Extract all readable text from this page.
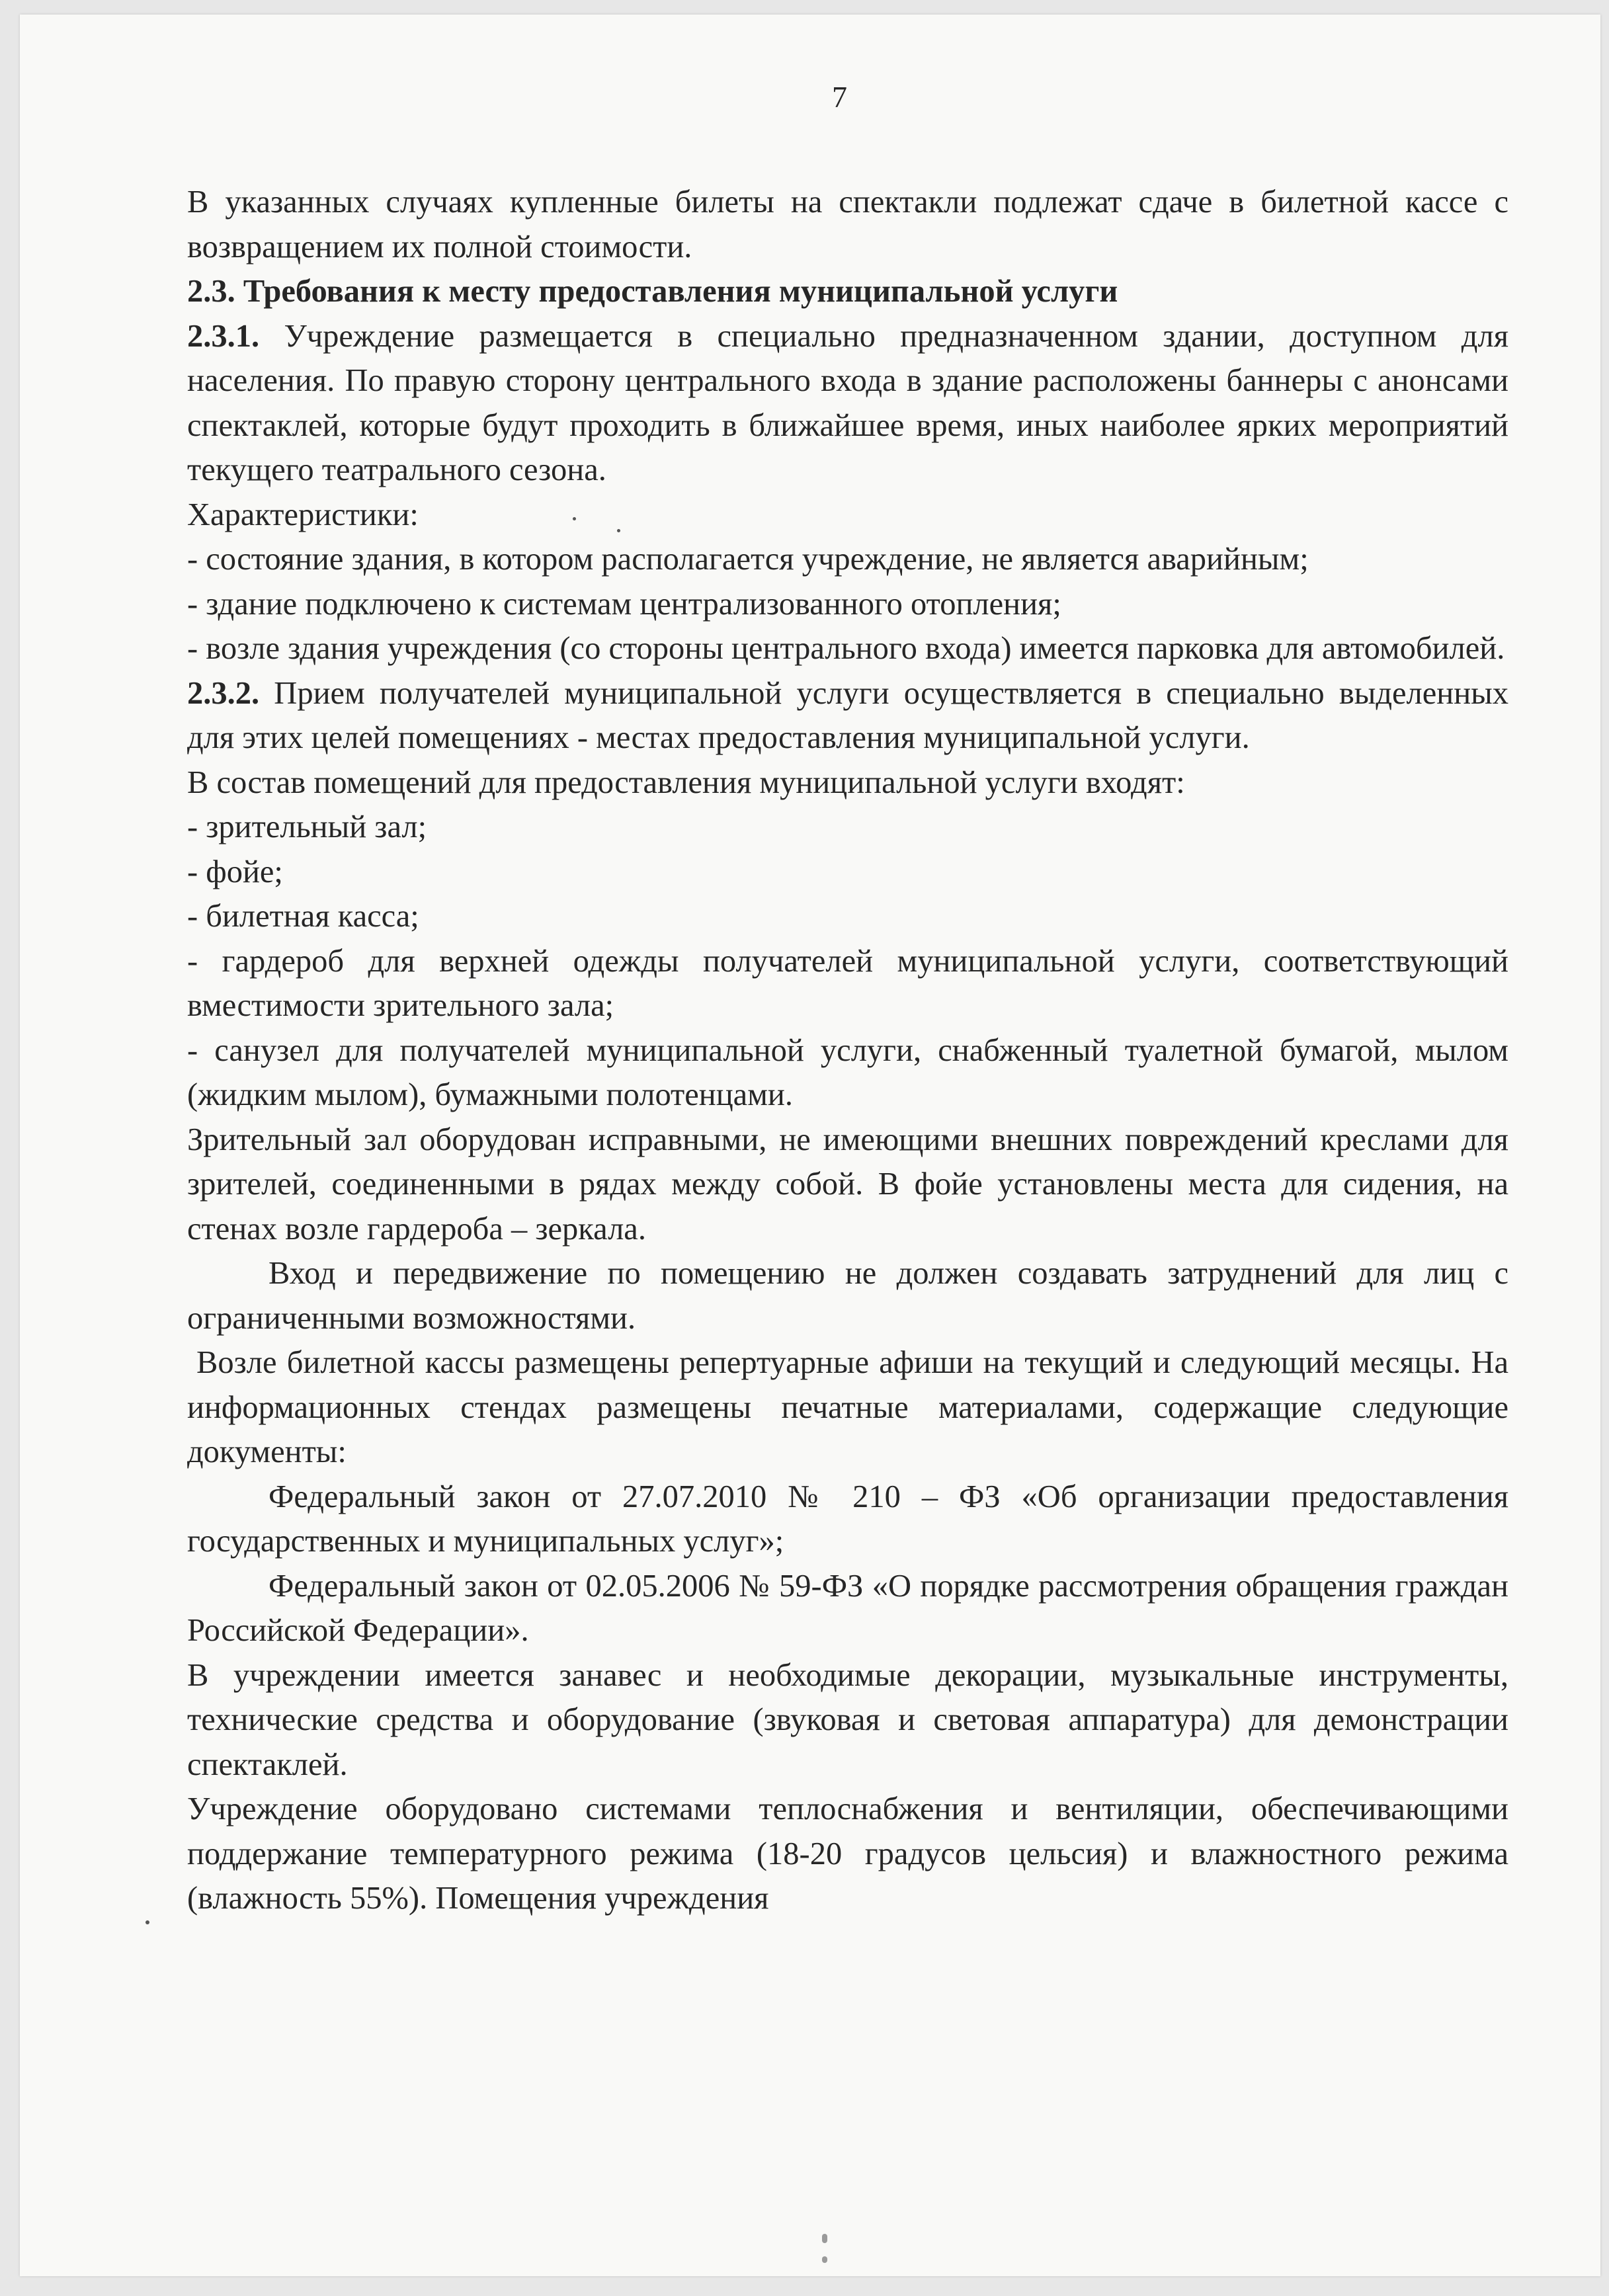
7

В указанных случаях купленные билеты на спектакли подлежат сдаче в билетной кассе с возвращением их полной стоимости.

2.3. Требования к месту предоставления муниципальной услуги

2.3.1. Учреждение размещается в специально предназначенном здании, доступном для населения. По правую сторону центрального входа в здание расположены баннеры с анонсами спектаклей, которые будут проходить в ближайшее время, иных наиболее ярких мероприятий текущего театрального сезона.

Характеристики:

- состояние здания, в котором располагается учреждение, не является аварийным;

- здание подключено к системам централизованного отопления;

- возле здания учреждения (со стороны центрального входа) имеется парковка для автомобилей.

2.3.2. Прием получателей муниципальной услуги осуществляется в специально выделенных для этих целей помещениях - местах предоставления муниципальной услуги.

В состав помещений для предоставления муниципальной услуги входят:

- зрительный зал;

- фойе;

- билетная касса;

- гардероб для верхней одежды получателей муниципальной услуги, соответствующий вместимости зрительного зала;

- санузел для получателей муниципальной услуги, снабженный туалетной бумагой, мылом (жидким мылом), бумажными полотенцами.

Зрительный зал оборудован исправными, не имеющими внешних повреждений креслами для зрителей, соединенными в рядах между собой. В фойе установлены места для сидения, на стенах возле гардероба – зеркала.

Вход и передвижение по помещению не должен создавать затруднений для лиц с ограниченными возможностями.

Возле билетной кассы размещены репертуарные афиши на текущий и следующий месяцы. На информационных стендах размещены печатные материалами, содержащие следующие документы:

Федеральный закон от 27.07.2010 № 210 – ФЗ «Об организации предоставления государственных и муниципальных услуг»;

Федеральный закон от 02.05.2006 № 59-ФЗ «О порядке рассмотрения обращения граждан Российской Федерации».

В учреждении имеется занавес и необходимые декорации, музыкальные инструменты, технические средства и оборудование (звуковая и световая аппаратура) для демонстрации спектаклей.

Учреждение оборудовано системами теплоснабжения и вентиляции, обеспечивающими поддержание температурного режима (18-20 градусов цельсия) и влажностного режима (влажность 55%). Помещения учреждения
